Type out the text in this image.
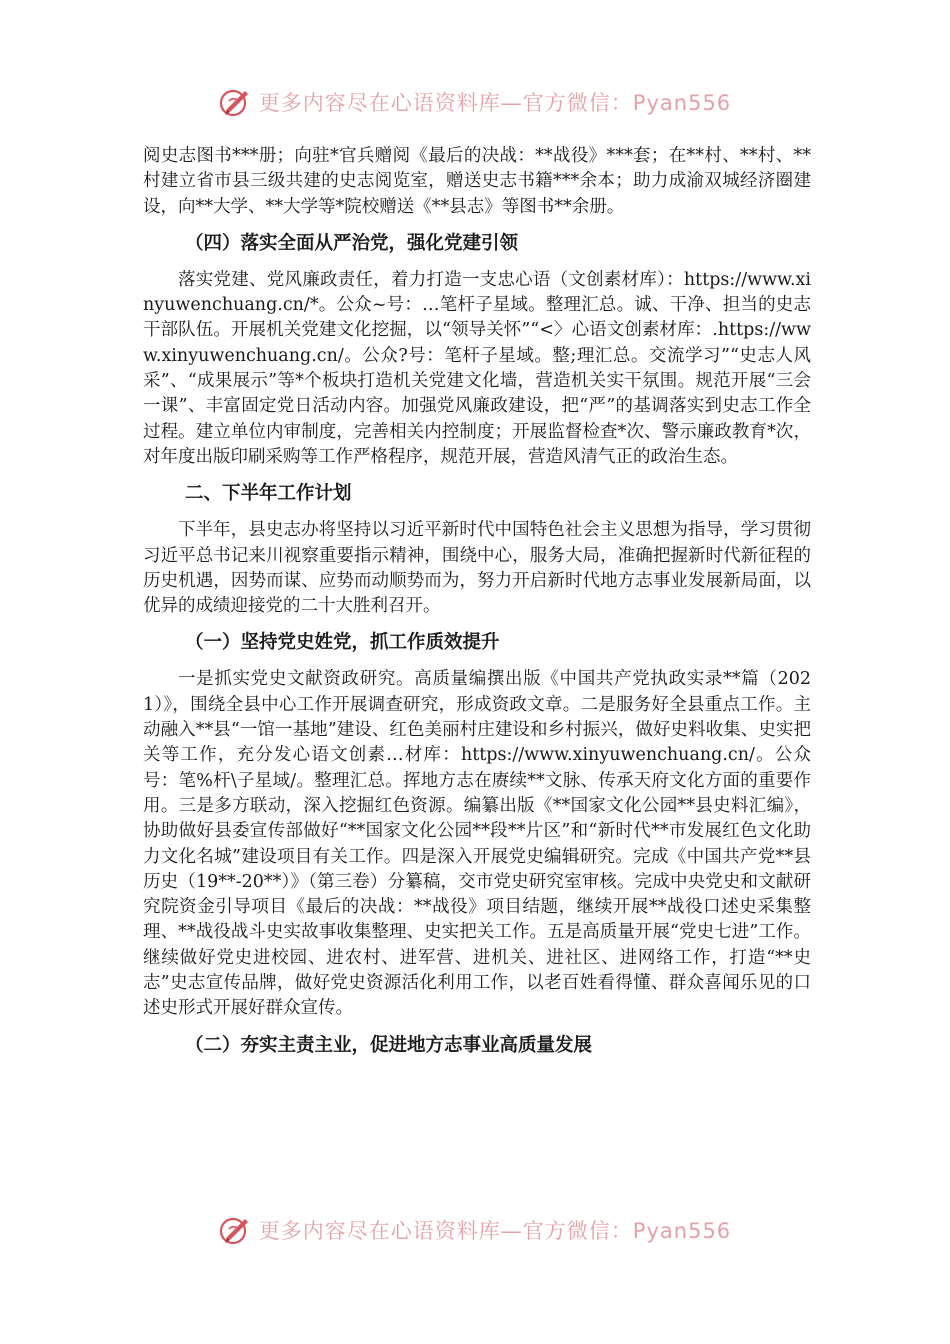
更多内容尽在心语资料库—官方微信：Pyan556

阅史志图书***册；向驻*官兵赠阅《最后的决战：**战役》***套；在**村、**村、**村建立省市县三级共建的史志阅览室，赠送史志书籍***余本；助力成渝双城经济圈建设，向**大学、**大学等*院校赠送《**县志》等图书**余册。

（四）落实全面从严治党，强化党建引领

落实党建、党风廉政责任，着力打造一支忠心语（文创素材库）：https://www.xinyuwenchuang.cn/*。公众~号：…笔杆子星域。整理汇总。诚、干净、担当的史志干部队伍。开展机关党建文化挖掘，以“领导关怀”“<〉心语文创素材库：.https://www.xinyuwenchuang.cn/。公众?号：笔杆子星域。整;理汇总。交流学习”“史志人风采”、“成果展示”等*个板块打造机关党建文化墙，营造机关实干氛围。规范开展“三会一课”、丰富固定党日活动内容。加强党风廉政建设，把“严”的基调落实到史志工作全过程。建立单位内审制度，完善相关内控制度；开展监督检查*次、警示廉政教育*次，对年度出版印刷采购等工作严格程序，规范开展，营造风清气正的政治生态。

二、下半年工作计划

下半年，县史志办将坚持以习近平新时代中国特色社会主义思想为指导，学习贯彻习近平总书记来川视察重要指示精神，围绕中心，服务大局，准确把握新时代新征程的历史机遇，因势而谋、应势而动顺势而为，努力开启新时代地方志事业发展新局面，以优异的成绩迎接党的二十大胜利召开。

（一）坚持党史姓党，抓工作质效提升

一是抓实党史文献资政研究。高质量编撰出版《中国共产党执政实录**篇（2021）》，围绕全县中心工作开展调查研究，形成资政文章。二是服务好全县重点工作。主动融入**县“一馆一基地”建设、红色美丽村庄建设和乡村振兴，做好史料收集、史实把关等工作，充分发心语文创素…材库：https://www.xinyuwenchuang.cn/。公众号：笔%杆\子星域/。整理汇总。挥地方志在赓续**文脉、传承天府文化方面的重要作用。三是多方联动，深入挖掘红色资源。编纂出版《**国家文化公园**县史料汇编》，协助做好县委宣传部做好“**国家文化公园**段**片区”和“新时代**市发展红色文化助力文化名城”建设项目有关工作。四是深入开展党史编辑研究。完成《中国共产党**县历史（19**-20**）》（第三卷）分纂稿，交市党史研究室审核。完成中央党史和文献研究院资金引导项目《最后的决战：**战役》项目结题，继续开展**战役口述史采集整理、**战役战斗史实故事收集整理、史实把关工作。五是高质量开展“党史七进”工作。继续做好党史进校园、进农村、进军营、进机关、进社区、进网络工作，打造“**史志”史志宣传品牌，做好党史资源活化利用工作，以老百姓看得懂、群众喜闻乐见的口述史形式开展好群众宣传。

（二）夯实主责主业，促进地方志事业高质量发展
更多内容尽在心语资料库—官方微信：Pyan556
